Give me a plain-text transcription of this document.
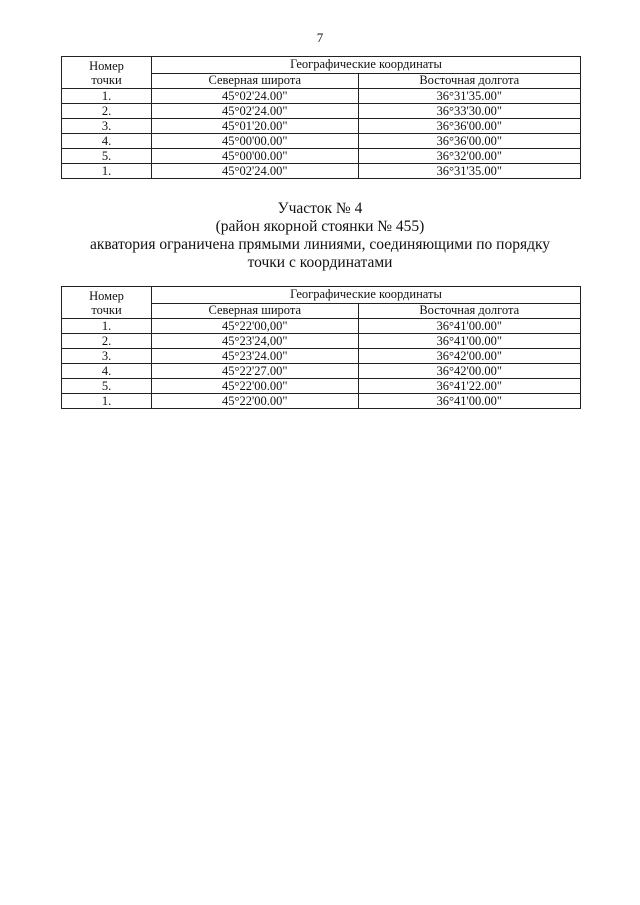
7
Номер	Географические координаты	
точки	Северная широта	Восточная долгота
1.	45°02'24.00"	36°31'35.00"
2.	45°02'24.00"	36°33'30.00"
3.	45°01'20.00"	36°36'00.00"
4.	45°00'00.00"	36°36'00.00"
5.	45°00'00.00"	36°32'00.00"
1.	45°02'24.00"	36°31'35.00"
Участок № 4
(район якорной стоянки № 455)
акватория ограничена прямыми линиями, соединяющими по порядку
точки с координатами
Номер	Географические координаты	
точки	Северная широта	Восточная долгота
1.	45°22'00,00"	36°41'00.00"
2.	45°23'24,00"	36°41'00.00"
3.	45°23'24.00"	36°42'00.00"
4.	45°22'27.00"	36°42'00.00"
5.	45°22'00.00"	36°41'22.00"
1.	45°22'00.00"	36°41'00.00"
